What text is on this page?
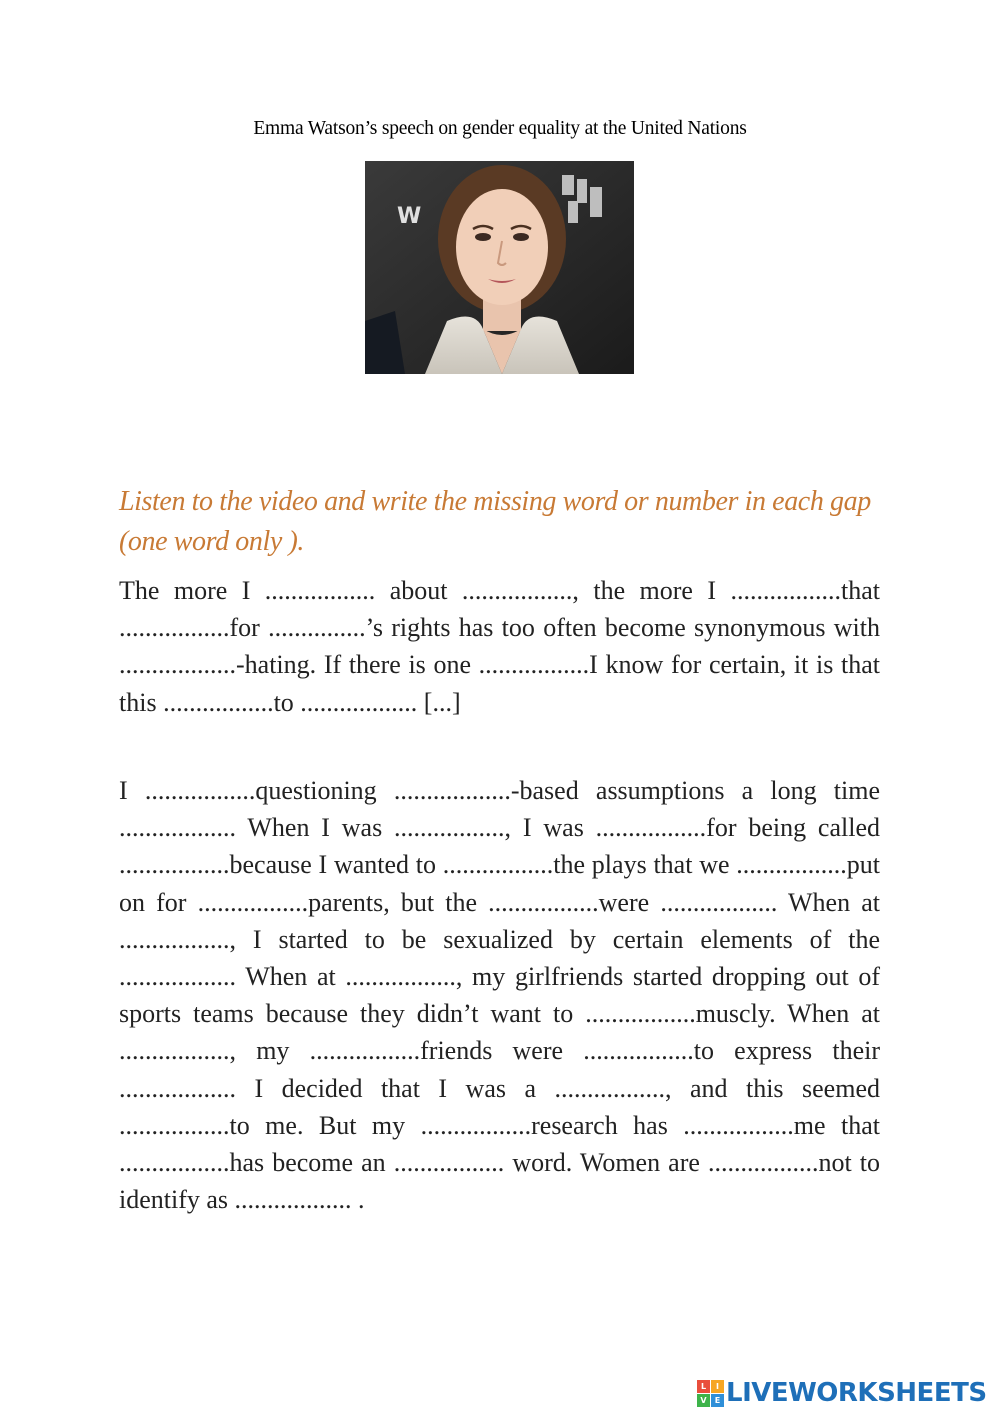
Emma Watson’s speech on gender equality at the United Nations
W
Listen to the video and write the missing word or number in each gap (one word only ).

The more I ................. about ................., the more I .................that .................for ...............’s rights has too often become synonymous with ..................-hating. If there is one .................I know for certain, it is that this .................to .................. [...]

I .................questioning ..................-based assumptions a long time .................. When I was ................., I was .................for being called .................because I wanted to .................the plays that we .................put on for .................parents, but the .................were .................. When at ................., I started to be sexualized by certain elements of the .................. When at ................., my girlfriends started dropping out of sports teams because they didn’t want to .................muscly. When at ................., my .................friends were .................to express their .................. I decided that I was a ................., and this seemed .................to me. But my .................research has .................me that .................has become an ................. word. Women are .................not to identify as .................. .

L	I
V	E LIVEWORKSHEETS
